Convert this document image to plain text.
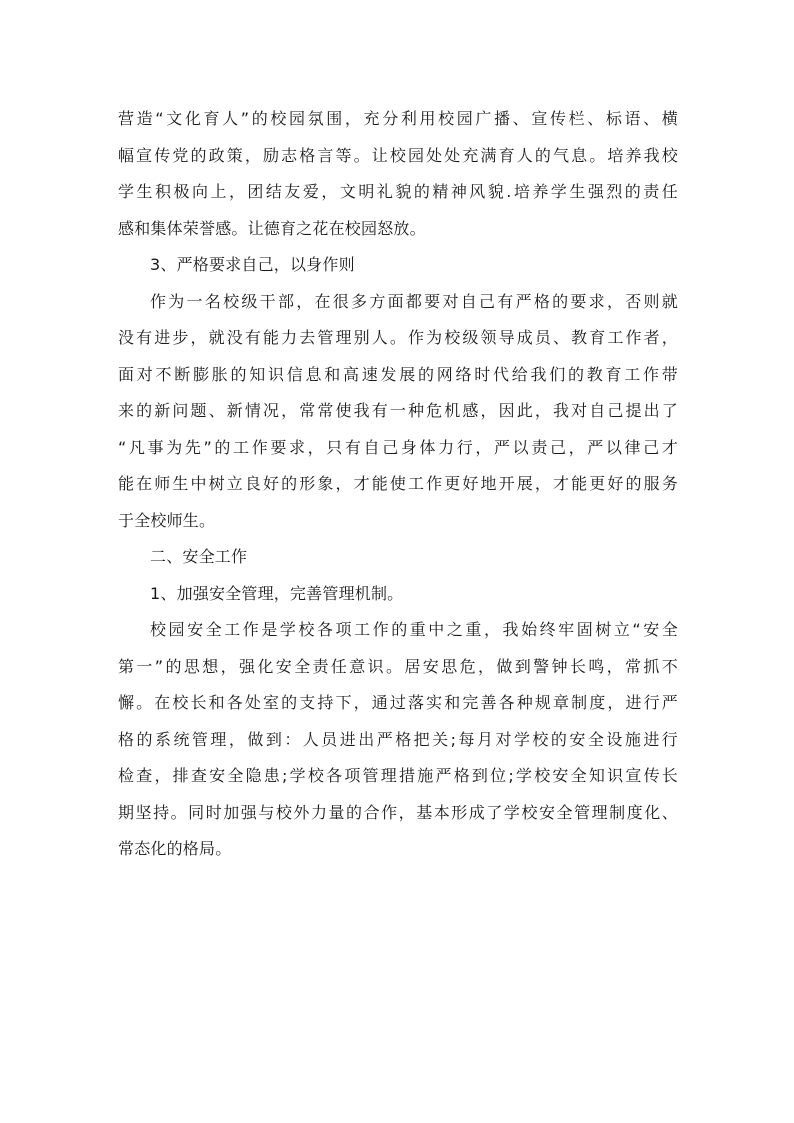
营造“文化育人”的校园氛围，充分利用校园广播、宣传栏、标语、横
幅宣传党的政策，励志格言等。让校园处处充满育人的气息。培养我校
学生积极向上，团结友爱，文明礼貌的精神风貌.培养学生强烈的责任
感和集体荣誉感。让德育之花在校园怒放。
3、严格要求自己，以身作则
作为一名校级干部，在很多方面都要对自己有严格的要求，否则就
没有进步，就没有能力去管理别人。作为校级领导成员、教育工作者，
面对不断膨胀的知识信息和高速发展的网络时代给我们的教育工作带
来的新问题、新情况，常常使我有一种危机感，因此，我对自己提出了
“凡事为先”的工作要求，只有自己身体力行，严以责己，严以律己才
能在师生中树立良好的形象，才能使工作更好地开展，才能更好的服务
于全校师生。
二、安全工作
1、加强安全管理，完善管理机制。
校园安全工作是学校各项工作的重中之重，我始终牢固树立“安全
第一”的思想，强化安全责任意识。居安思危，做到警钟长鸣，常抓不
懈。在校长和各处室的支持下，通过落实和完善各种规章制度，进行严
格的系统管理，做到：人员进出严格把关;每月对学校的安全设施进行
检查，排查安全隐患;学校各项管理措施严格到位;学校安全知识宣传长
期坚持。同时加强与校外力量的合作，基本形成了学校安全管理制度化、
常态化的格局。
